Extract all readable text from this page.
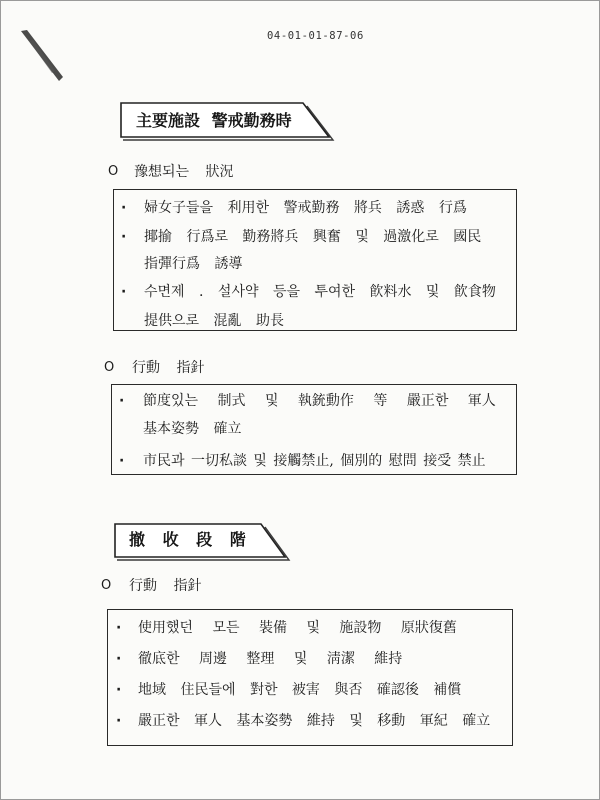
04-01-01-87-06
主要施設 警戒勤務時
O 豫想되는 狀況
· 婦女子들을 利用한 警戒勤務 將兵 誘惑 行爲
· 揶揄 行爲로 勤務將兵 興奮 및 過激化로 國民
指彈行爲 誘導
· 수면제 . 설사약 등을 투여한 飮料水 및 飮食物
提供으로 混亂 助長
O 行動 指針
· 節度있는 制式 및 執銃動作 等 嚴正한 軍人
基本姿勢 確立
· 市民과 一切私談 및 接觸禁止, 個別的 慰問 接受 禁止
撤 收 段 階
O 行動 指針
· 使用했던 모든 裝備 및 施設物 原狀復舊
· 徹底한 周邊 整理 및 淸潔 維持
· 地域 住民들에 對한 被害 與否 確認後 補償
· 嚴正한 軍人 基本姿勢 維持 및 移動 軍紀 確立
